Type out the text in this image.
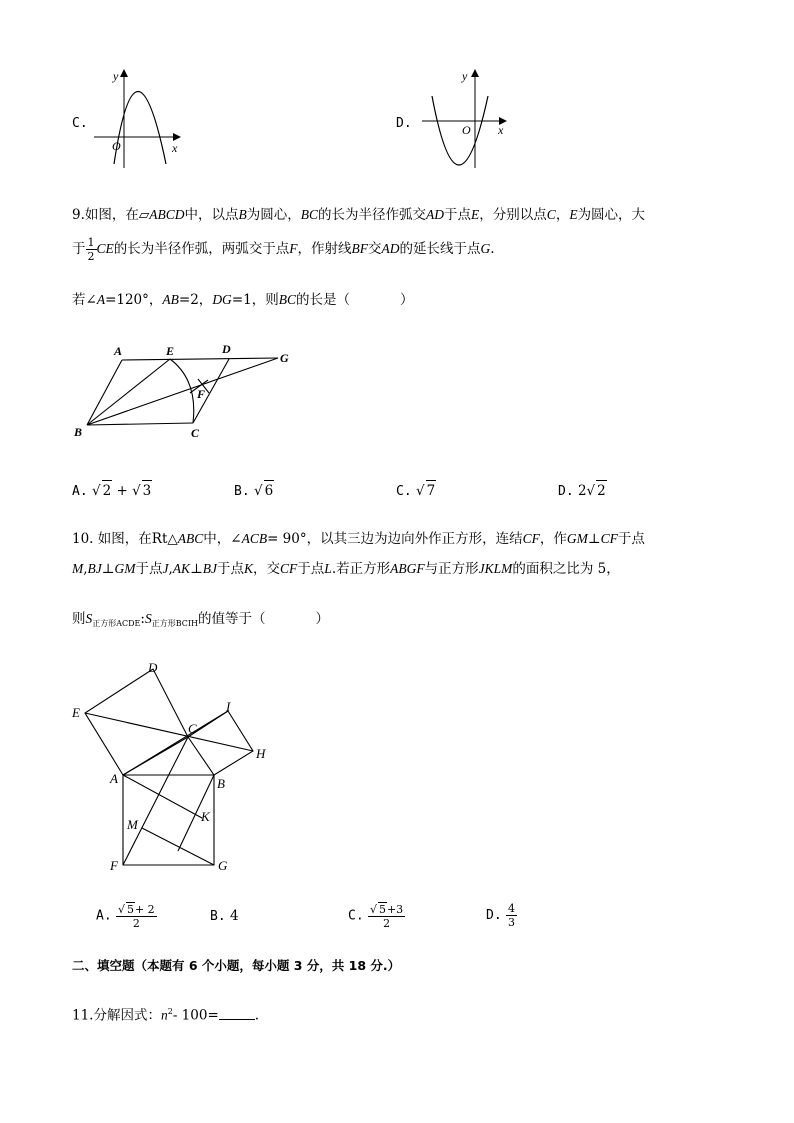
C.
y
x
O
D.
y
x
O
9.如图，在▱ABCD中，以点B为圆心，BC的长为半径作弧交AD于点E，分别以点C，E为圆心，大
于 $\frac{1}{2}$ CE的长为半径作弧，两弧交于点F，作射线BF交AD的延长线于点G.
若∠A=120°，AB=2，DG=1，则BC的长是（	）
A	E	D
G
F
B	C
A. √ 2 + √ 3	B. √ 6	C. √ 7	D. 2√ 2
10. 如图，在Rt△ABC中，∠ACB= 90°，以其三边为边向外作正方形，连结CF，作GM⊥CF于点
M,BJ⊥GM于点J,AK⊥BJ于点K，交CF于点L.若正方形ABGF与正方形JKLM的面积之比为 5，
则$S_{正方形ACDE}:S_{正方形BCIH}$的值等于（	）
D
E
C
I
H
A	B
K
M
F	G
A. $\frac{√ 5+ 2}{2}$	B. 4	C. $\frac{√ 5+3}{2}$	D. $\frac{4}{3}$
二、填空题（本题有 6 个小题，每小题 3 分，共 18 分.）
11.分解因式：$n^2-$ 100=	.
